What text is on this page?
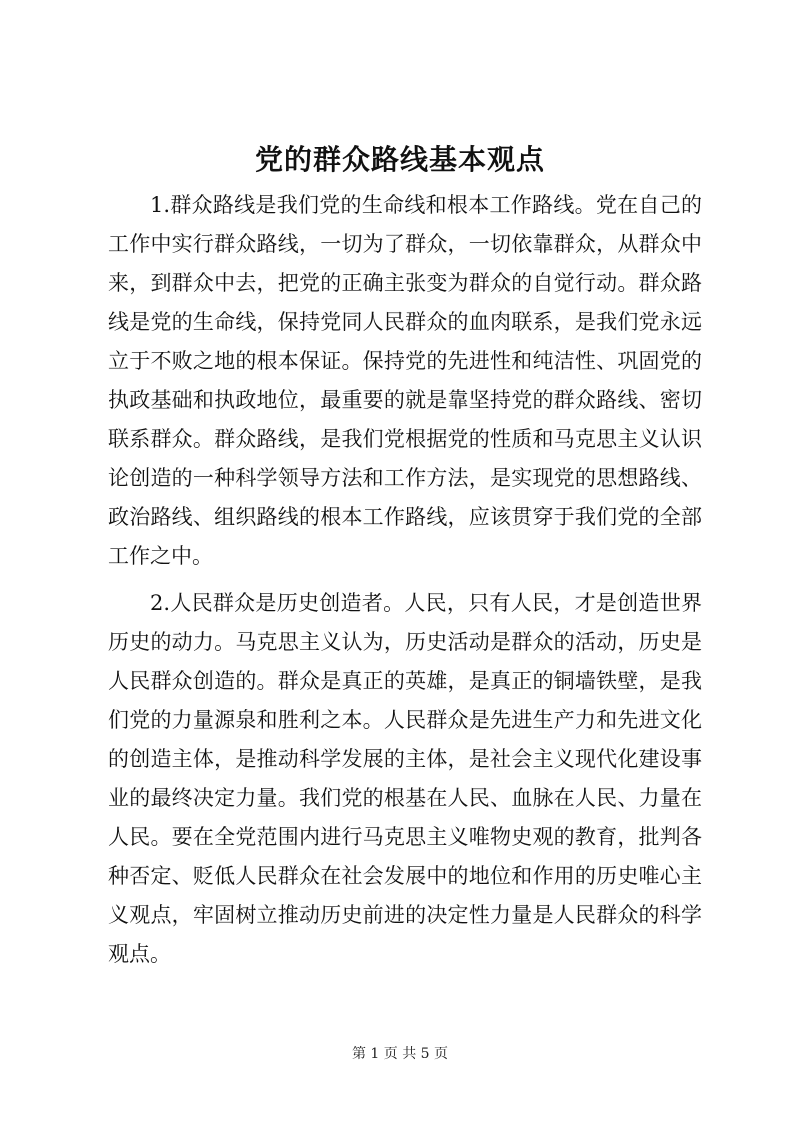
党的群众路线基本观点

1.群众路线是我们党的生命线和根本工作路线。党在自己的工作中实行群众路线，一切为了群众，一切依靠群众，从群众中来，到群众中去，把党的正确主张变为群众的自觉行动。群众路线是党的生命线，保持党同人民群众的血肉联系，是我们党永远立于不败之地的根本保证。保持党的先进性和纯洁性、巩固党的执政基础和执政地位，最重要的就是靠坚持党的群众路线、密切联系群众。群众路线，是我们党根据党的性质和马克思主义认识论创造的一种科学领导方法和工作方法，是实现党的思想路线、政治路线、组织路线的根本工作路线，应该贯穿于我们党的全部工作之中。

2.人民群众是历史创造者。人民，只有人民，才是创造世界历史的动力。马克思主义认为，历史活动是群众的活动，历史是人民群众创造的。群众是真正的英雄，是真正的铜墙铁壁，是我们党的力量源泉和胜利之本。人民群众是先进生产力和先进文化的创造主体，是推动科学发展的主体，是社会主义现代化建设事业的最终决定力量。我们党的根基在人民、血脉在人民、力量在人民。要在全党范围内进行马克思主义唯物史观的教育，批判各种否定、贬低人民群众在社会发展中的地位和作用的历史唯心主义观点，牢固树立推动历史前进的决定性力量是人民群众的科学观点。

第 1 页 共 5 页
